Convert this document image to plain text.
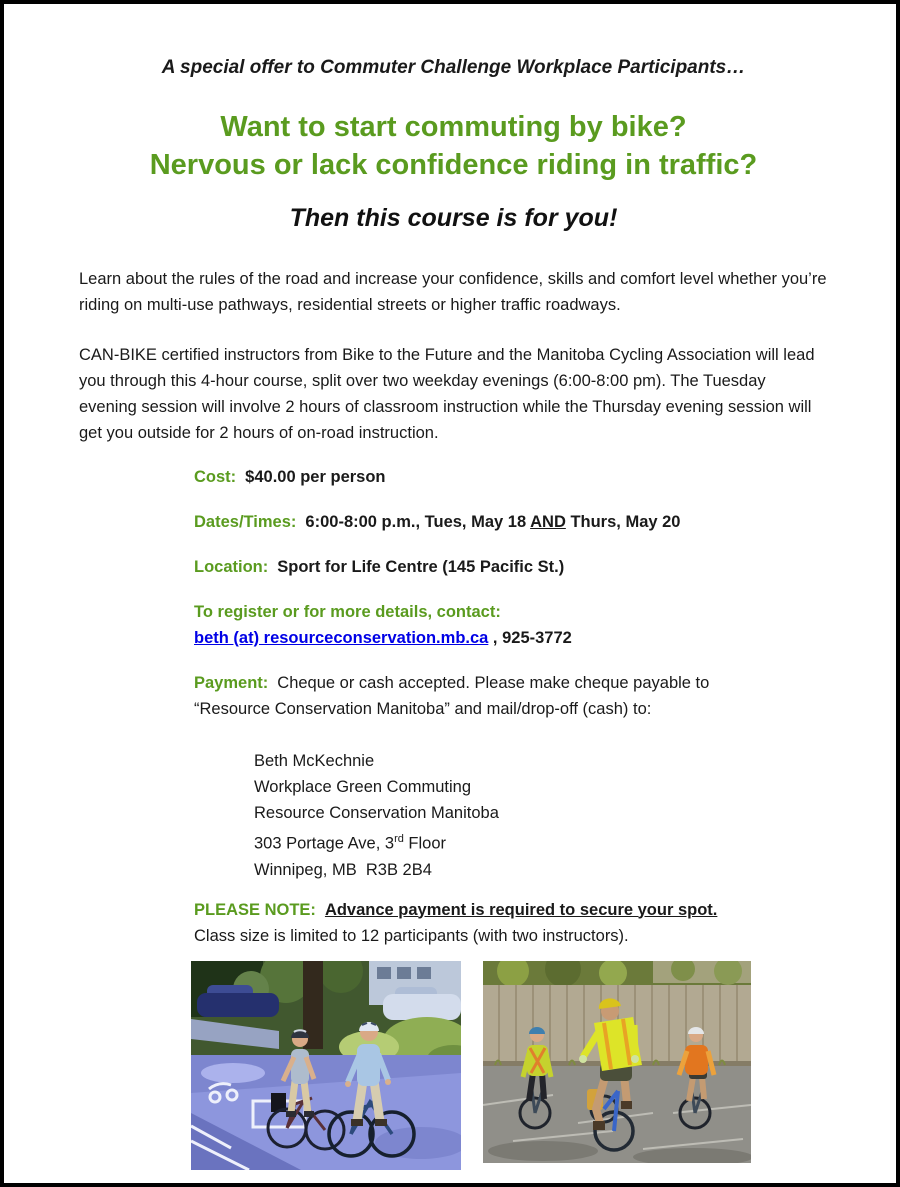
A special offer to Commuter Challenge Workplace Participants…

Want to start commuting by bike?
Nervous or lack confidence riding in traffic?
Then this course is for you!

Learn about the rules of the road and increase your confidence, skills and comfort level whether you’re riding on multi-use pathways, residential streets or higher traffic roadways.

CAN-BIKE certified instructors from Bike to the Future and the Manitoba Cycling Association will lead you through this 4-hour course, split over two weekday evenings (6:00-8:00 pm). The Tuesday evening session will involve 2 hours of classroom instruction while the Thursday evening session will get you outside for 2 hours of on-road instruction.

Cost: $40.00 per person

Dates/Times: 6:00-8:00 p.m., Tues, May 18 AND Thurs, May 20

Location: Sport for Life Centre (145 Pacific St.)

To register or for more details, contact:
beth (at) resourceconservation.mb.ca , 925-3772

Payment: Cheque or cash accepted. Please make cheque payable to “Resource Conservation Manitoba” and mail/drop-off (cash) to:

Beth McKechnie
Workplace Green Commuting
Resource Conservation Manitoba
303 Portage Ave, 3rd Floor
Winnipeg, MB  R3B 2B4
PLEASE NOTE: Advance payment is required to secure your spot.
Class size is limited to 12 participants (with two instructors).
